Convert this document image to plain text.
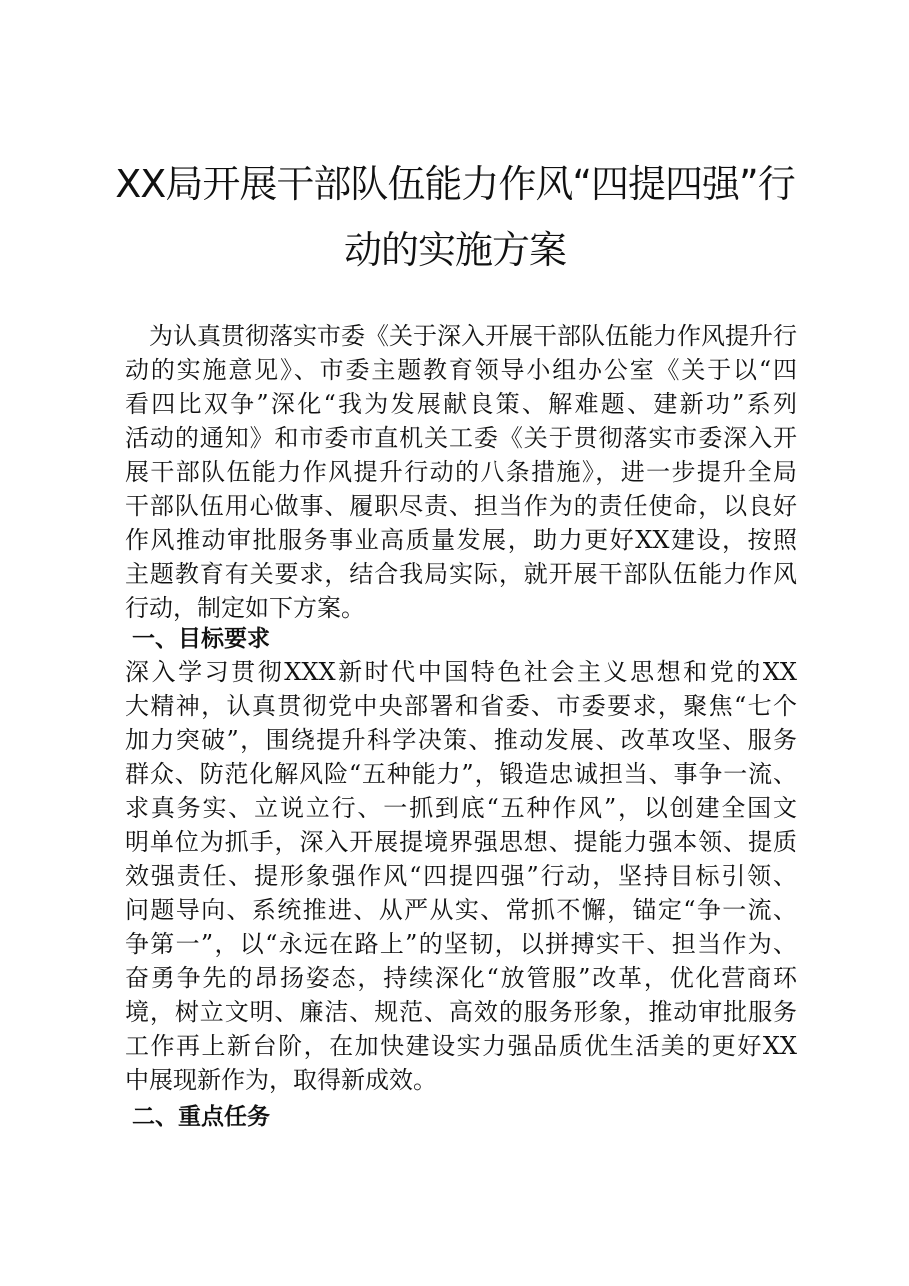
XX局开展干部队伍能力作风“四提四强”行
动的实施方案
　为认真贯彻落实市委《关于深入开展干部队伍能力作风提升行
动的实施意见》、市委主题教育领导小组办公室《关于以“四
看四比双争”深化“我为发展献良策、解难题、建新功”系列
活动的通知》和市委市直机关工委《关于贯彻落实市委深入开
展干部队伍能力作风提升行动的八条措施》，进一步提升全局
干部队伍用心做事、履职尽责、担当作为的责任使命，以良好
作风推动审批服务事业高质量发展，助力更好XX建设，按照
主题教育有关要求，结合我局实际，就开展干部队伍能力作风
行动，制定如下方案。
一、目标要求
深入学习贯彻XXX新时代中国特色社会主义思想和党的XX
大精神，认真贯彻党中央部署和省委、市委要求，聚焦“七个
加力突破”，围绕提升科学决策、推动发展、改革攻坚、服务
群众、防范化解风险“五种能力”，锻造忠诚担当、事争一流、
求真务实、立说立行、一抓到底“五种作风”，以创建全国文
明单位为抓手，深入开展提境界强思想、提能力强本领、提质
效强责任、提形象强作风“四提四强”行动，坚持目标引领、
问题导向、系统推进、从严从实、常抓不懈，锚定“争一流、
争第一”，以“永远在路上”的坚韧，以拼搏实干、担当作为、
奋勇争先的昂扬姿态，持续深化“放管服”改革，优化营商环
境，树立文明、廉洁、规范、高效的服务形象，推动审批服务
工作再上新台阶，在加快建设实力强品质优生活美的更好XX
中展现新作为，取得新成效。
二、重点任务
